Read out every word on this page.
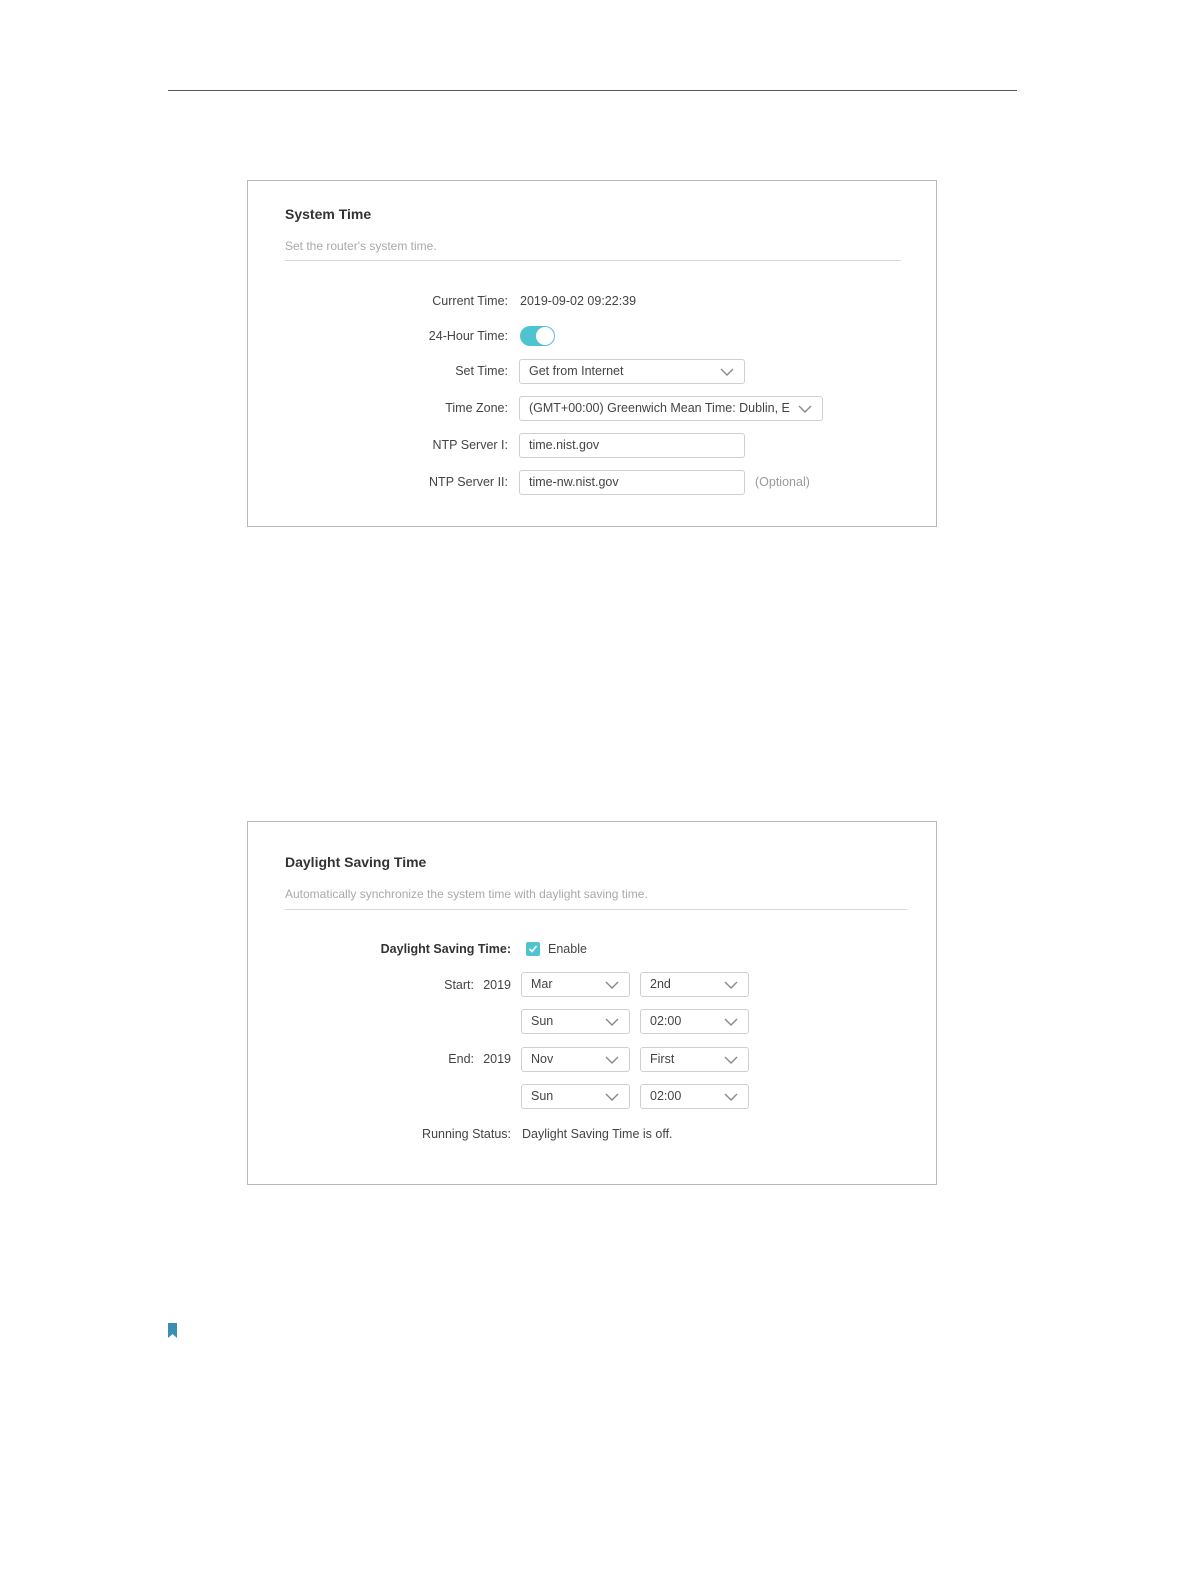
System Time
Set the router's system time.
Current Time: 2019-09-02 09:22:39
24-Hour Time:
Set Time:	Get from Internet
Time Zone:	(GMT+00:00) Greenwich Mean Time: Dublin, E
NTP Server I:	time.nist.gov
NTP Server II:	time-nw.nist.gov	(Optional)
Daylight Saving Time
Automatically synchronize the system time with daylight saving time.
Daylight Saving Time:	Enable
Start: 2019	Mar	2nd
Sun	02:00
End: 2019	Nov	First
Sun	02:00
Running Status: Daylight Saving Time is off.
